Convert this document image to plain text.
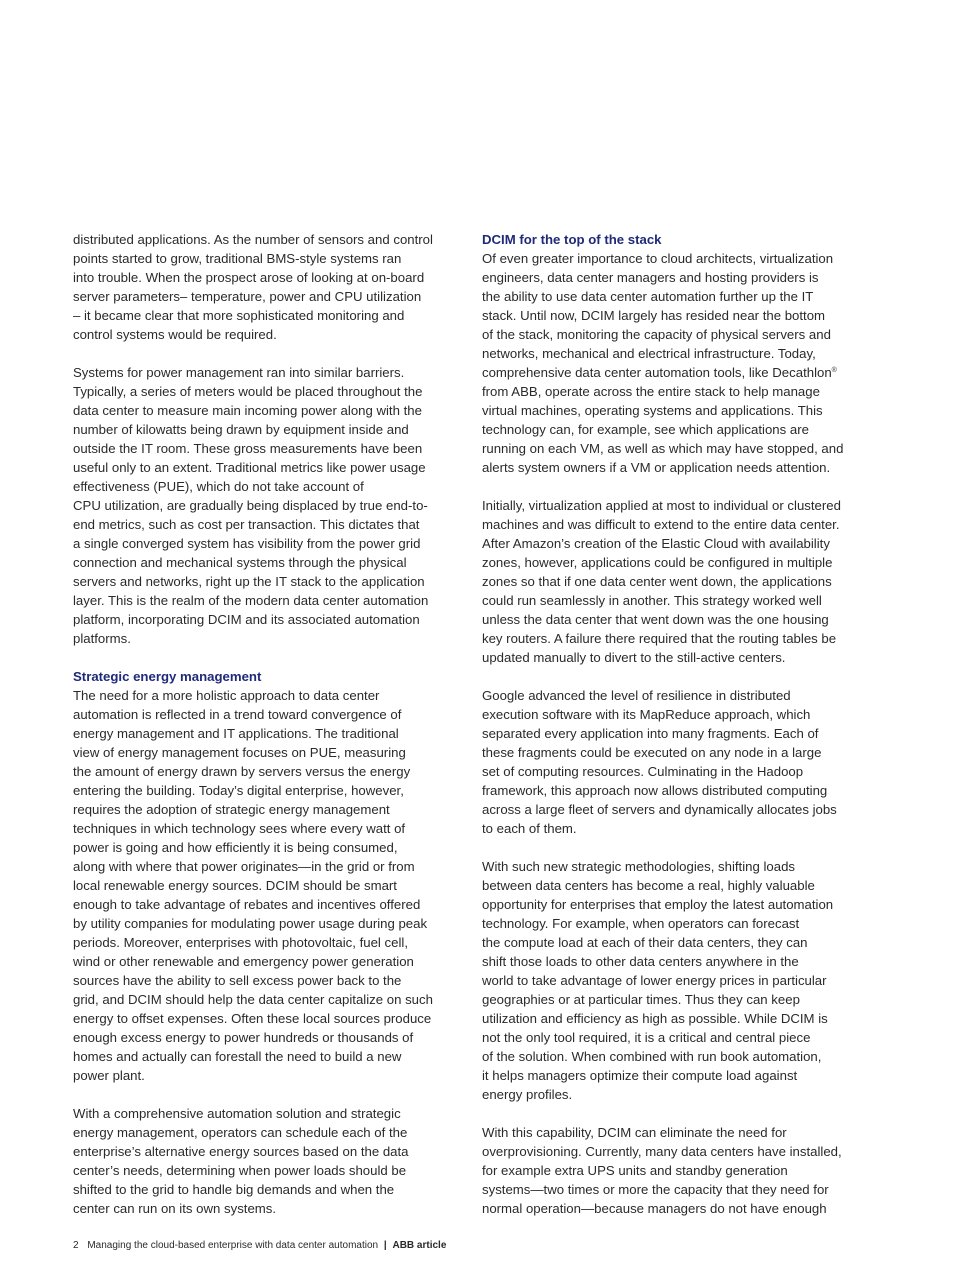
distributed applications. As the number of sensors and control
points started to grow, traditional BMS-style systems ran
into trouble. When the prospect arose of looking at on-board
server parameters– temperature, power and CPU utilization
– it became clear that more sophisticated monitoring and
control systems would be required.
Systems for power management ran into similar barriers.
Typically, a series of meters would be placed throughout the
data center to measure main incoming power along with the
number of kilowatts being drawn by equipment inside and
outside the IT room. These gross measurements have been
useful only to an extent. Traditional metrics like power usage
effectiveness (PUE), which do not take account of
CPU utilization, are gradually being displaced by true end-to-
end metrics, such as cost per transaction. This dictates that
a single converged system has visibility from the power grid
connection and mechanical systems through the physical
servers and networks, right up the IT stack to the application
layer. This is the realm of the modern data center automation
platform, incorporating DCIM and its associated automation
platforms.
Strategic energy management
The need for a more holistic approach to data center
automation is reflected in a trend toward convergence of
energy management and IT applications. The traditional
view of energy management focuses on PUE, measuring
the amount of energy drawn by servers versus the energy
entering the building. Today’s digital enterprise, however,
requires the adoption of strategic energy management
techniques in which technology sees where every watt of
power is going and how efficiently it is being consumed,
along with where that power originates—in the grid or from
local renewable energy sources. DCIM should be smart
enough to take advantage of rebates and incentives offered
by utility companies for modulating power usage during peak
periods. Moreover, enterprises with photovoltaic, fuel cell,
wind or other renewable and emergency power generation
sources have the ability to sell excess power back to the
grid, and DCIM should help the data center capitalize on such
energy to offset expenses. Often these local sources produce
enough excess energy to power hundreds or thousands of
homes and actually can forestall the need to build a new
power plant.
With a comprehensive automation solution and strategic
energy management, operators can schedule each of the
enterprise’s alternative energy sources based on the data
center’s needs, determining when power loads should be
shifted to the grid to handle big demands and when the
center can run on its own systems.
DCIM for the top of the stack
Of even greater importance to cloud architects, virtualization
engineers, data center managers and hosting providers is
the ability to use data center automation further up the IT
stack. Until now, DCIM largely has resided near the bottom
of the stack, monitoring the capacity of physical servers and
networks, mechanical and electrical infrastructure. Today,
comprehensive data center automation tools, like Decathlon®
from ABB, operate across the entire stack to help manage
virtual machines, operating systems and applications. This
technology can, for example, see which applications are
running on each VM, as well as which may have stopped, and
alerts system owners if a VM or application needs attention.
Initially, virtualization applied at most to individual or clustered
machines and was difficult to extend to the entire data center.
After Amazon’s creation of the Elastic Cloud with availability
zones, however, applications could be configured in multiple
zones so that if one data center went down, the applications
could run seamlessly in another. This strategy worked well
unless the data center that went down was the one housing
key routers. A failure there required that the routing tables be
updated manually to divert to the still-active centers.
Google advanced the level of resilience in distributed
execution software with its MapReduce approach, which
separated every application into many fragments. Each of
these fragments could be executed on any node in a large
set of computing resources. Culminating in the Hadoop
framework, this approach now allows distributed computing
across a large fleet of servers and dynamically allocates jobs
to each of them.
With such new strategic methodologies, shifting loads
between data centers has become a real, highly valuable
opportunity for enterprises that employ the latest automation
technology. For example, when operators can forecast
the compute load at each of their data centers, they can
shift those loads to other data centers anywhere in the
world to take advantage of lower energy prices in particular
geographies or at particular times. Thus they can keep
utilization and efficiency as high as possible. While DCIM is
not the only tool required, it is a critical and central piece
of the solution. When combined with run book automation,
it helps managers optimize their compute load against
energy profiles.
With this capability, DCIM can eliminate the need for
overprovisioning. Currently, many data centers have installed,
for example extra UPS units and standby generation
systems—two times or more the capacity that they need for
normal operation—because managers do not have enough
2 Managing the cloud-based enterprise with data center automation | ABB article
